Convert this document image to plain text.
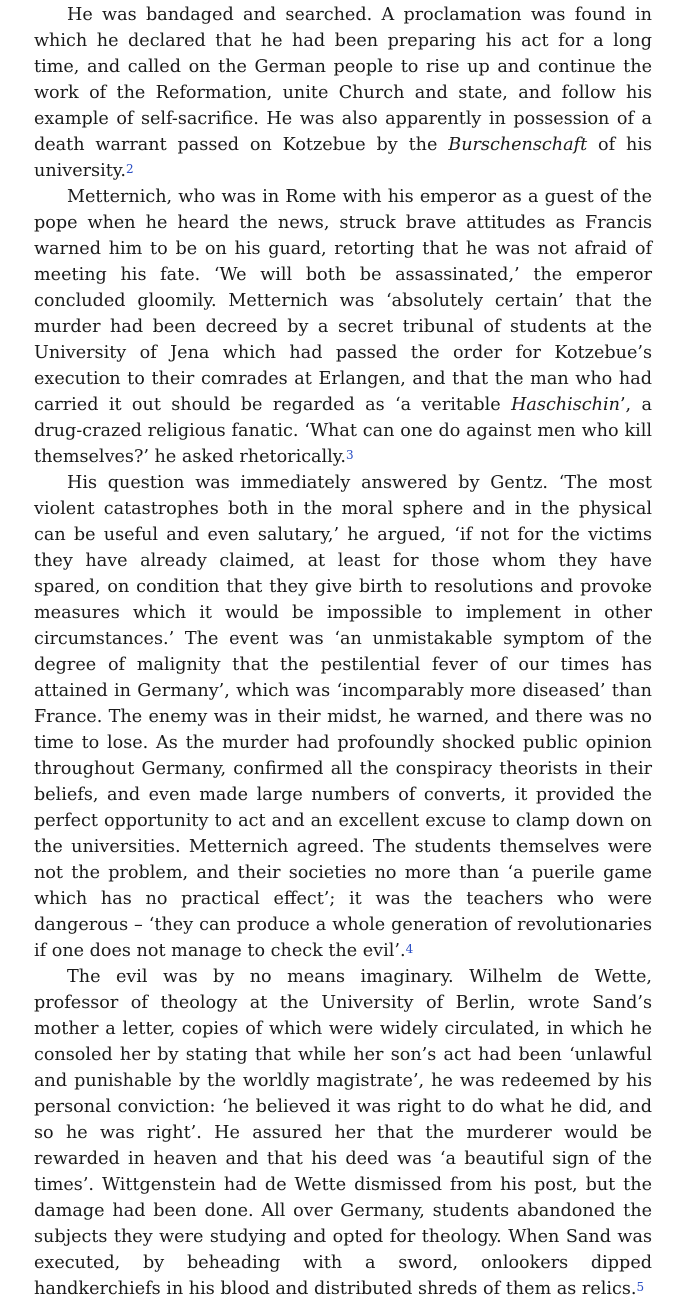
He was bandaged and searched. A proclamation was found in which he declared that he had been preparing his act for a long time, and called on the German people to rise up and continue the work of the Reformation, unite Church and state, and follow his example of self-sacrifice. He was also apparently in possession of a death warrant passed on Kotzebue by the Burschenschaft of his university.2

Metternich, who was in Rome with his emperor as a guest of the pope when he heard the news, struck brave attitudes as Francis warned him to be on his guard, retorting that he was not afraid of meeting his fate. ‘We will both be assassinated,’ the emperor concluded gloomily. Metternich was ‘absolutely certain’ that the murder had been decreed by a secret tribunal of students at the University of Jena which had passed the order for Kotzebue’s execution to their comrades at Erlangen, and that the man who had carried it out should be regarded as ‘a veritable Haschischin’, a drug-crazed religious fanatic. ‘What can one do against men who kill themselves?’ he asked rhetorically.3

His question was immediately answered by Gentz. ‘The most violent catastrophes both in the moral sphere and in the physical can be useful and even salutary,’ he argued, ‘if not for the victims they have already claimed, at least for those whom they have spared, on condition that they give birth to resolutions and provoke measures which it would be impossible to implement in other circumstances.’ The event was ‘an unmistakable symptom of the degree of malignity that the pestilential fever of our times has attained in Germany’, which was ‘incomparably more diseased’ than France. The enemy was in their midst, he warned, and there was no time to lose. As the murder had profoundly shocked public opinion throughout Germany, confirmed all the conspiracy theorists in their beliefs, and even made large numbers of converts, it provided the perfect opportunity to act and an excellent excuse to clamp down on the universities. Metternich agreed. The students themselves were not the problem, and their societies no more than ‘a puerile game which has no practical effect’; it was the teachers who were dangerous – ‘they can produce a whole generation of revolutionaries if one does not manage to check the evil’.4

The evil was by no means imaginary. Wilhelm de Wette, professor of theology at the University of Berlin, wrote Sand’s mother a letter, copies of which were widely circulated, in which he consoled her by stating that while her son’s act had been ‘unlawful and punishable by the worldly magistrate’, he was redeemed by his personal conviction: ‘he believed it was right to do what he did, and so he was right’. He assured her that the murderer would be rewarded in heaven and that his deed was ‘a beautiful sign of the times’. Wittgenstein had de Wette dismissed from his post, but the damage had been done. All over Germany, students abandoned the subjects they were studying and opted for theology. When Sand was executed, by beheading with a sword, onlookers dipped handkerchiefs in his blood and distributed shreds of them as relics.5
